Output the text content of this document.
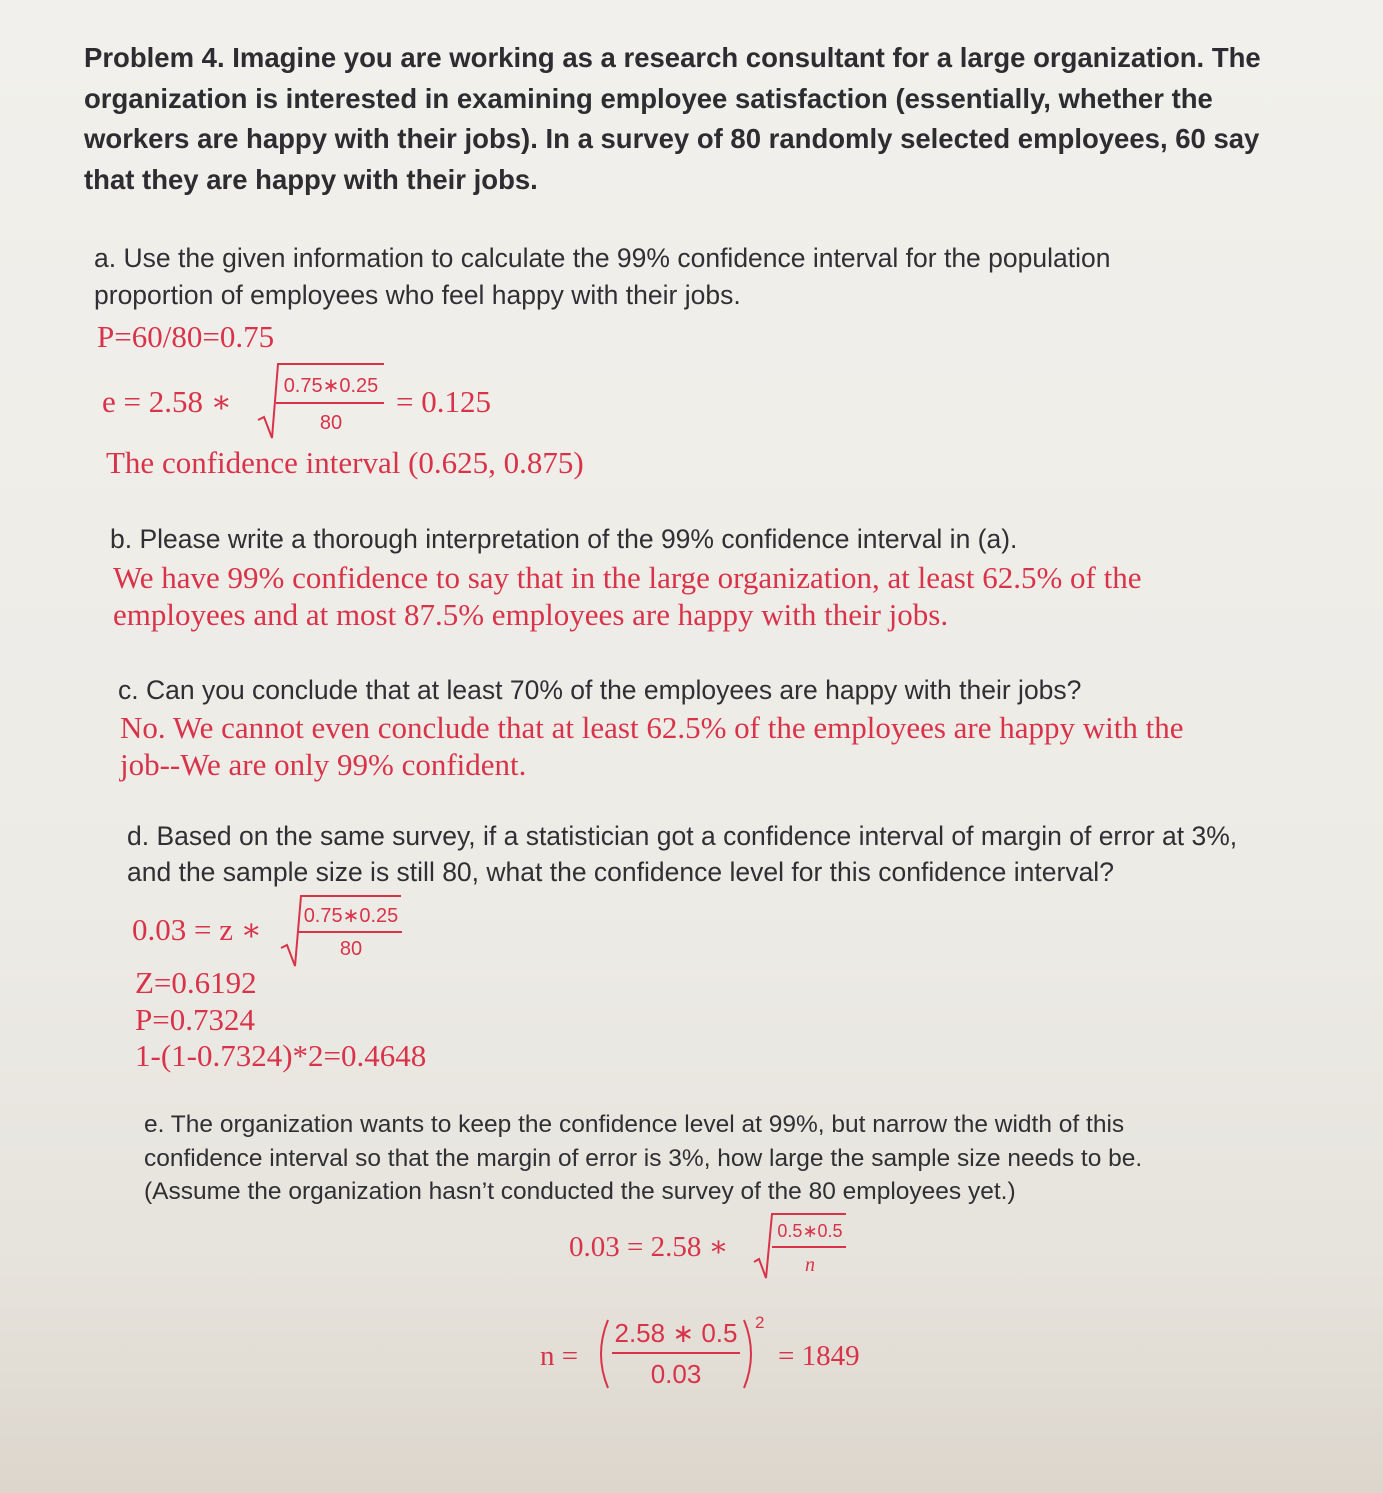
Problem 4. Imagine you are working as a research consultant for a large organization. The
organization is interested in examining employee satisfaction (essentially, whether the
workers are happy with their jobs). In a survey of 80 randomly selected employees, 60 say
that they are happy with their jobs.
a. Use the given information to calculate the 99% confidence interval for the population
proportion of employees who feel happy with their jobs.
P=60/80=0.75
e = 2.58 ∗	0.75∗0.25
80
= 0.125
The confidence interval (0.625, 0.875)
b. Please write a thorough interpretation of the 99% confidence interval in (a).
We have 99% confidence to say that in the large organization, at least 62.5% of the
employees and at most 87.5% employees are happy with their jobs.
c. Can you conclude that at least 70% of the employees are happy with their jobs?
No. We cannot even conclude that at least 62.5% of the employees are happy with the
job--We are only 99% confident.
d. Based on the same survey, if a statistician got a confidence interval of margin of error at 3%,
and the sample size is still 80, what the confidence level for this confidence interval?
0.03 = z ∗ 0.75∗0.25
80
Z=0.6192
P=0.7324
1-(1-0.7324)*2=0.4648
e. The organization wants to keep the confidence level at 99%, but narrow the width of this
confidence interval so that the margin of error is 3%, how large the sample size needs to be.
(Assume the organization hasn’t conducted the survey of the 80 employees yet.)
0.03 = 2.58 ∗	0.5∗0.5
n
n =
2.58 ∗ 0.5
0.03
2
= 1849
